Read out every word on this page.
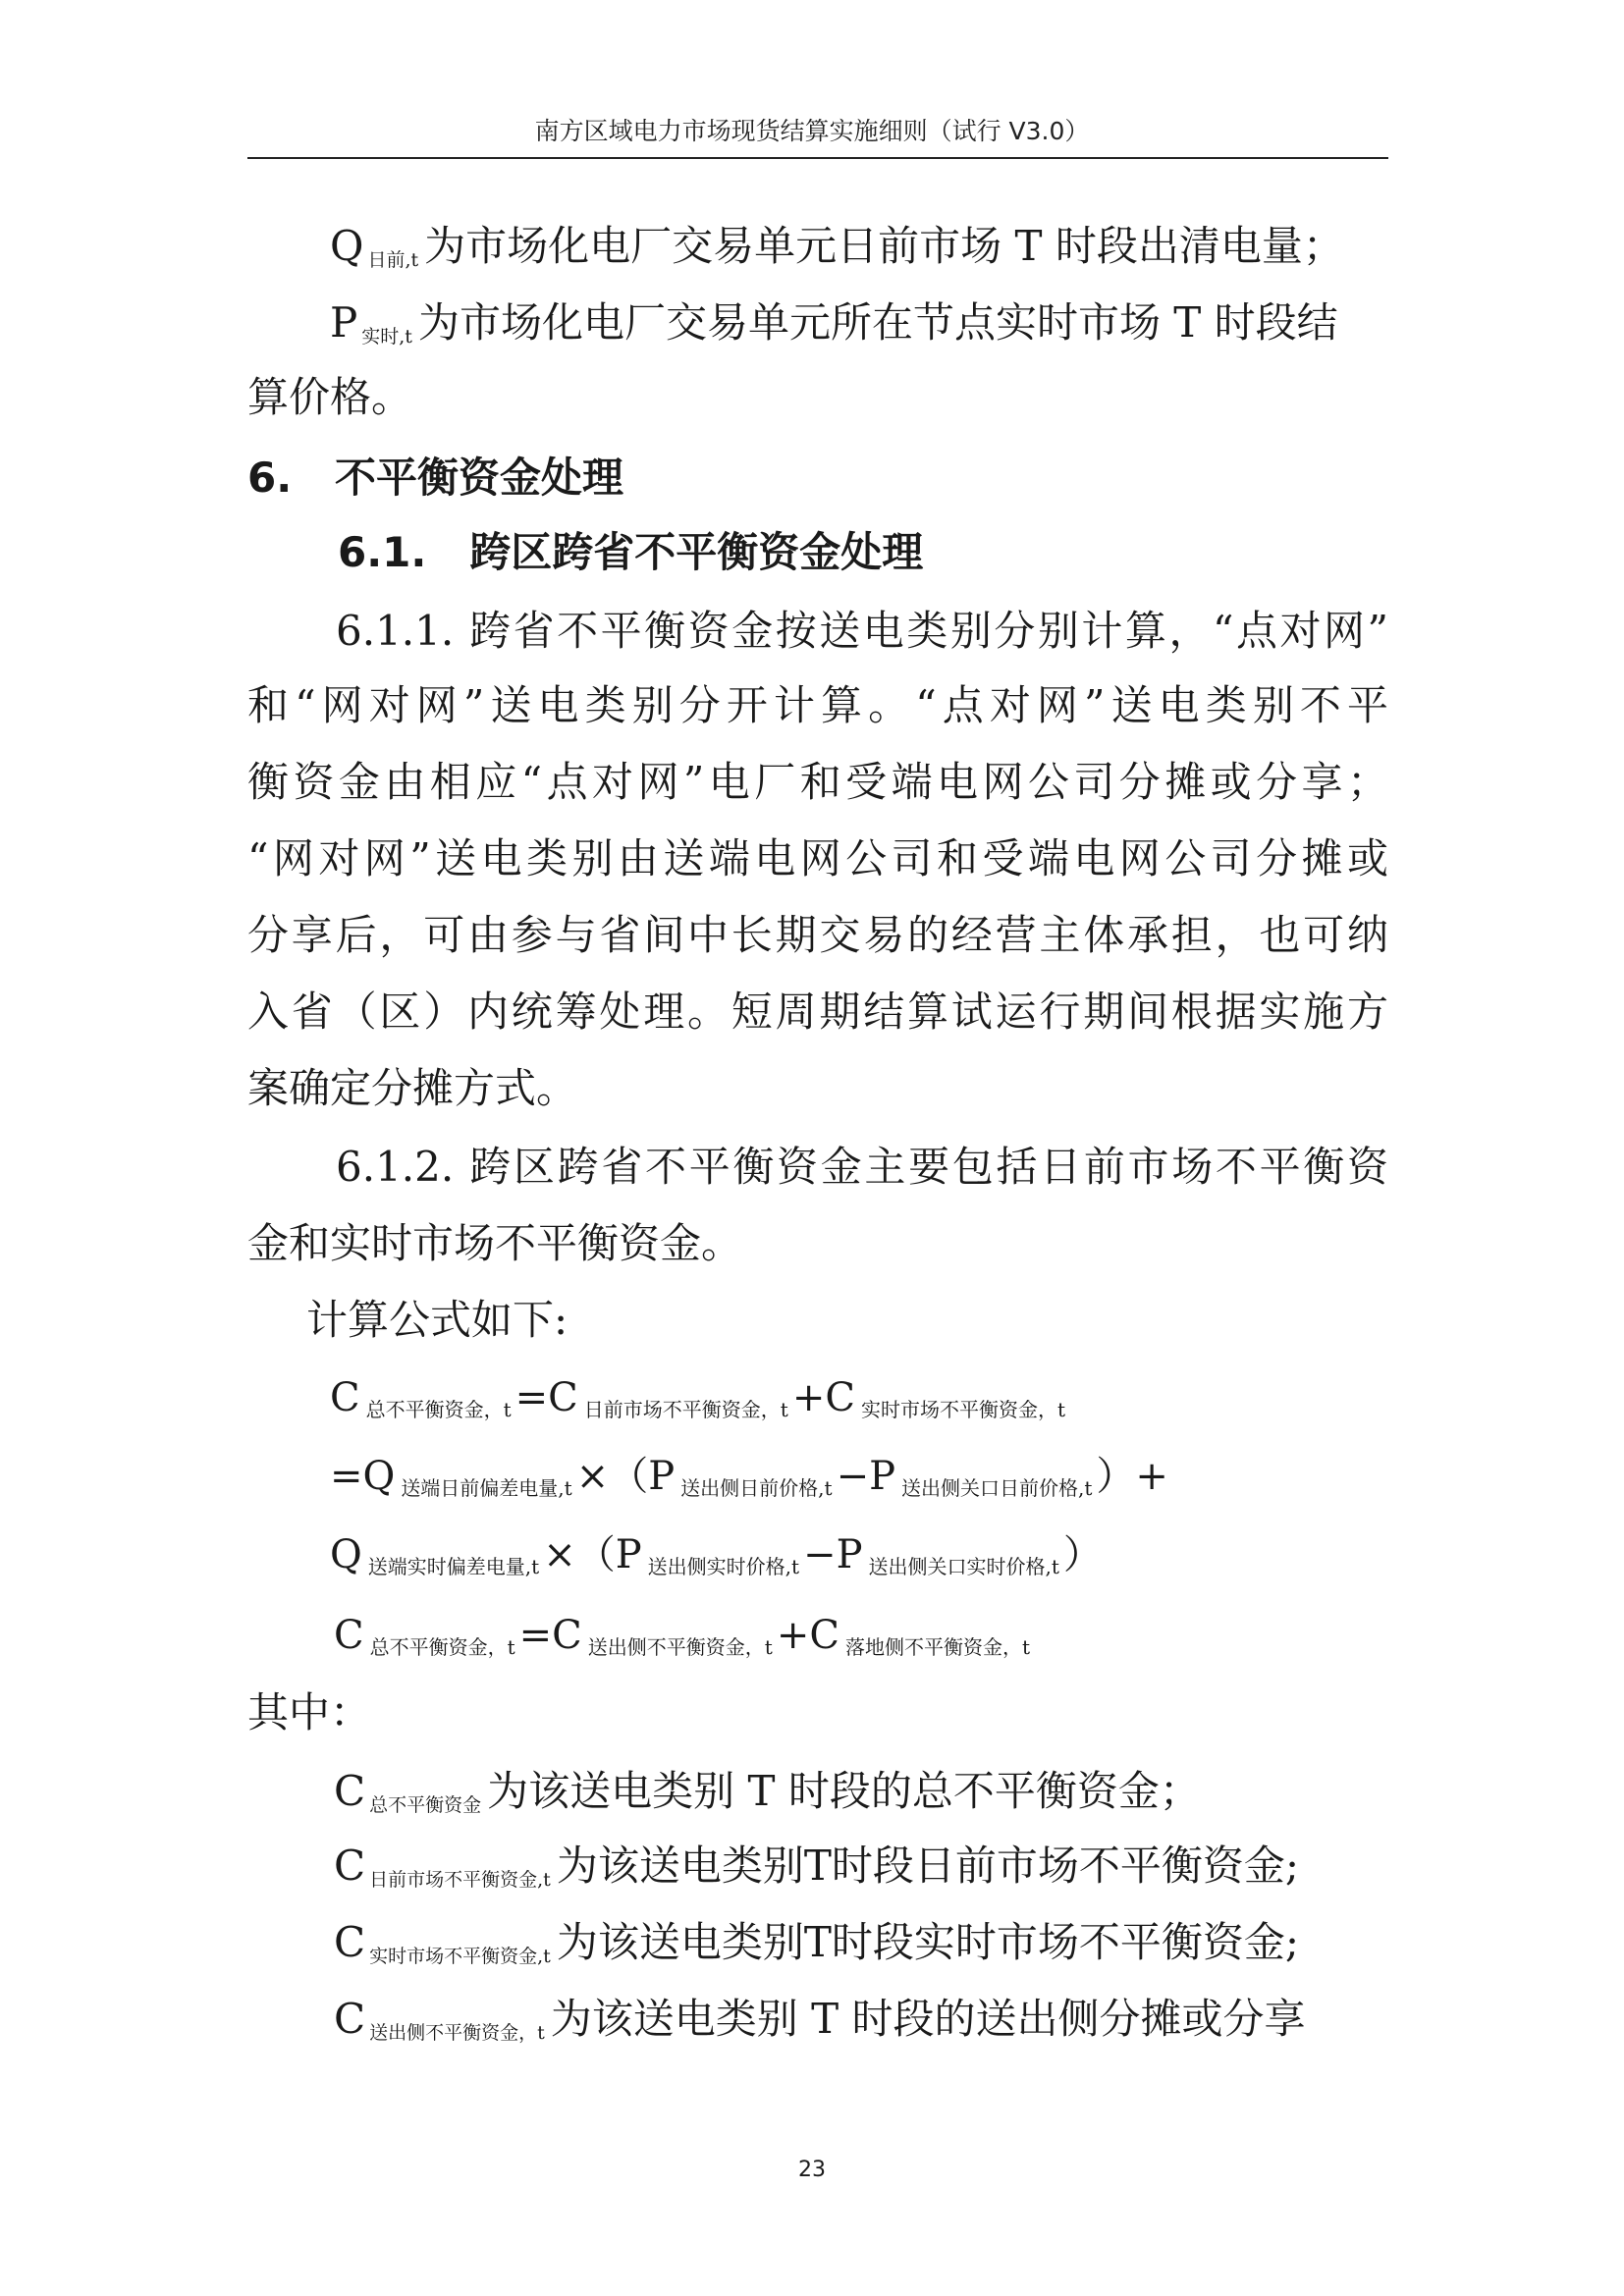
南方区域电力市场现货结算实施细则（试行 V3.0）
Q日前,t 为市场化电厂交易单元日前市场 T 时段出清电量；
P实时,t 为市场化电厂交易单元所在节点实时市场 T 时段结
算价格。
6.   不平衡资金处理
6.1.   跨区跨省不平衡资金处理
6.1.1. 跨省不平衡资金按送电类别分别计算，“点对网”
和“网对网”送电类别分开计算。“点对网”送电类别不平
衡资金由相应“点对网”电厂和受端电网公司分摊或分享；
“网对网”送电类别由送端电网公司和受端电网公司分摊或
分享后，可由参与省间中长期交易的经营主体承担，也可纳
入省（区）内统筹处理。短周期结算试运行期间根据实施方
案确定分摊方式。
6.1.2. 跨区跨省不平衡资金主要包括日前市场不平衡资
金和实时市场不平衡资金。
计算公式如下:
C总不平衡资金，t =C 日前市场不平衡资金，t +C 实时市场不平衡资金，t
=Q 送端日前偏差电量,t ×（P 送出侧日前价格,t −P 送出侧关口日前价格,t ）+
Q送端实时偏差电量,t ×（P 送出侧实时价格,t −P 送出侧关口实时价格,t ）
C总不平衡资金，t =C 送出侧不平衡资金，t +C 落地侧不平衡资金，t
其中：
C总不平衡资金 为该送电类别 T 时段的总不平衡资金；
C日前市场不平衡资金,t 为该送电类别T时段日前市场不平衡资金;
C实时市场不平衡资金,t 为该送电类别T时段实时市场不平衡资金;
C送出侧不平衡资金，t 为该送电类别 T 时段的送出侧分摊或分享
23
